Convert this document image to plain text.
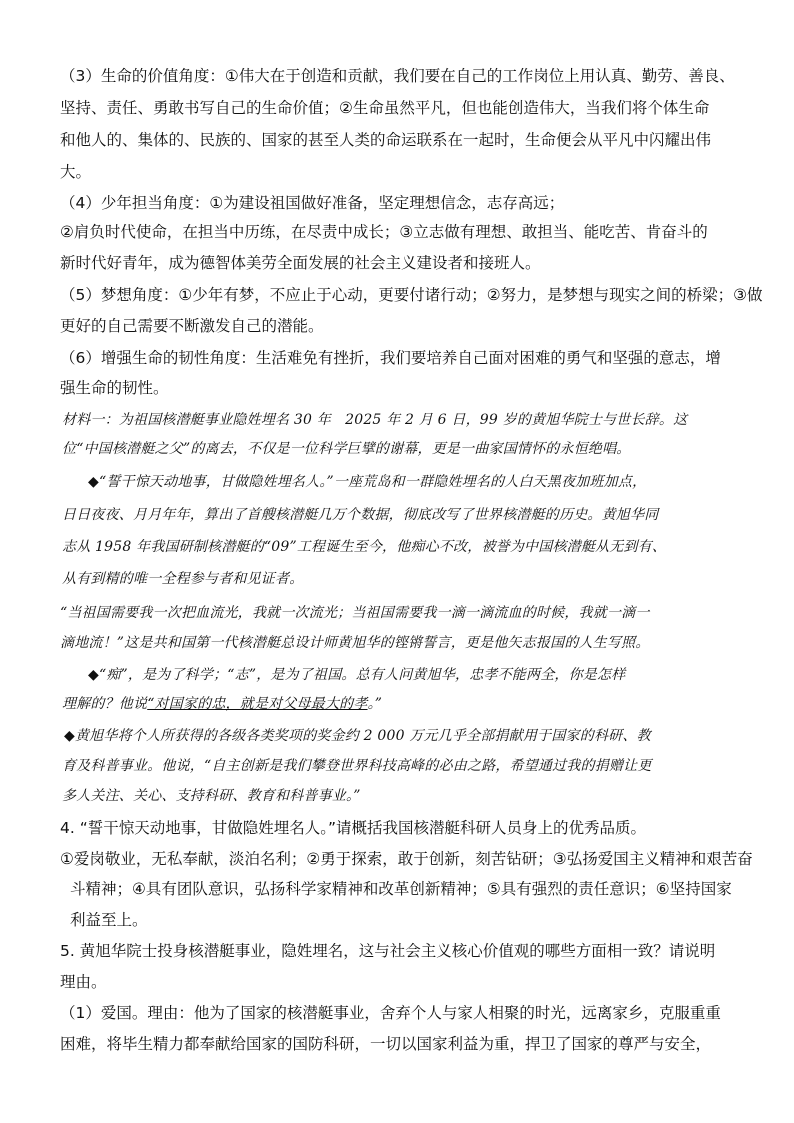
（3）生命的价值角度：①伟大在于创造和贡献，我们要在自己的工作岗位上用认真、勤劳、善良、
坚持、责任、勇敢书写自己的生命价值；②生命虽然平凡，但也能创造伟大，当我们将个体生命
和他人的、集体的、民族的、国家的甚至人类的命运联系在一起时，生命便会从平凡中闪耀出伟
大。
（4）少年担当角度：①为建设祖国做好准备，坚定理想信念，志存高远；
②肩负时代使命，在担当中历练，在尽责中成长；③立志做有理想、敢担当、能吃苦、肯奋斗的
新时代好青年，成为德智体美劳全面发展的社会主义建设者和接班人。
（5）梦想角度：①少年有梦，不应止于心动，更要付诸行动；②努力，是梦想与现实之间的桥梁；③做
更好的自己需要不断激发自己的潜能。
（6）增强生命的韧性角度：生活难免有挫折，我们要培养自己面对困难的勇气和坚强的意志，增
强生命的韧性。
材料一：为祖国核潜艇事业隐姓埋名 30 年　2025 年 2 月 6 日，99 岁的黄旭华院士与世长辞。这
位“中国核潜艇之父”的离去，不仅是一位科学巨擘的谢幕，更是一曲家国情怀的永恒绝唱。
◆“誓干惊天动地事，甘做隐姓埋名人。”一座荒岛和一群隐姓埋名的人白天黑夜加班加点，
日日夜夜、月月年年，算出了首艘核潜艇几万个数据，彻底改写了世界核潜艇的历史。黄旭华同
志从 1958 年我国研制核潜艇的“09”工程诞生至今，他痴心不改，被誉为中国核潜艇从无到有、
从有到精的唯一全程参与者和见证者。
“当祖国需要我一次把血流光，我就一次流光；当祖国需要我一滴一滴流血的时候，我就一滴一
滴地流！”这是共和国第一代核潜艇总设计师黄旭华的铿锵誓言，更是他矢志报国的人生写照。
◆“痴”，是为了科学；“志”，是为了祖国。总有人问黄旭华，忠孝不能两全，你是怎样
理解的？他说“对国家的忠，就是对父母最大的孝。”
◆黄旭华将个人所获得的各级各类奖项的奖金约 2 000 万元几乎全部捐献用于国家的科研、教
育及科普事业。他说，“自主创新是我们攀登世界科技高峰的必由之路，希望通过我的捐赠让更
多人关注、关心、支持科研、教育和科普事业。”
4. “誓干惊天动地事，甘做隐姓埋名人。”请概括我国核潜艇科研人员身上的优秀品质。
①爱岗敬业，无私奉献，淡泊名利；②勇于探索，敢于创新，刻苦钻研；③弘扬爱国主义精神和艰苦奋
斗精神；④具有团队意识，弘扬科学家精神和改革创新精神；⑤具有强烈的责任意识；⑥坚持国家
利益至上。
5. 黄旭华院士投身核潜艇事业，隐姓埋名，这与社会主义核心价值观的哪些方面相一致？请说明
理由。
（1）爱国。理由：他为了国家的核潜艇事业，舍弃个人与家人相聚的时光，远离家乡，克服重重
困难，将毕生精力都奉献给国家的国防科研，一切以国家利益为重，捍卫了国家的尊严与安全，
